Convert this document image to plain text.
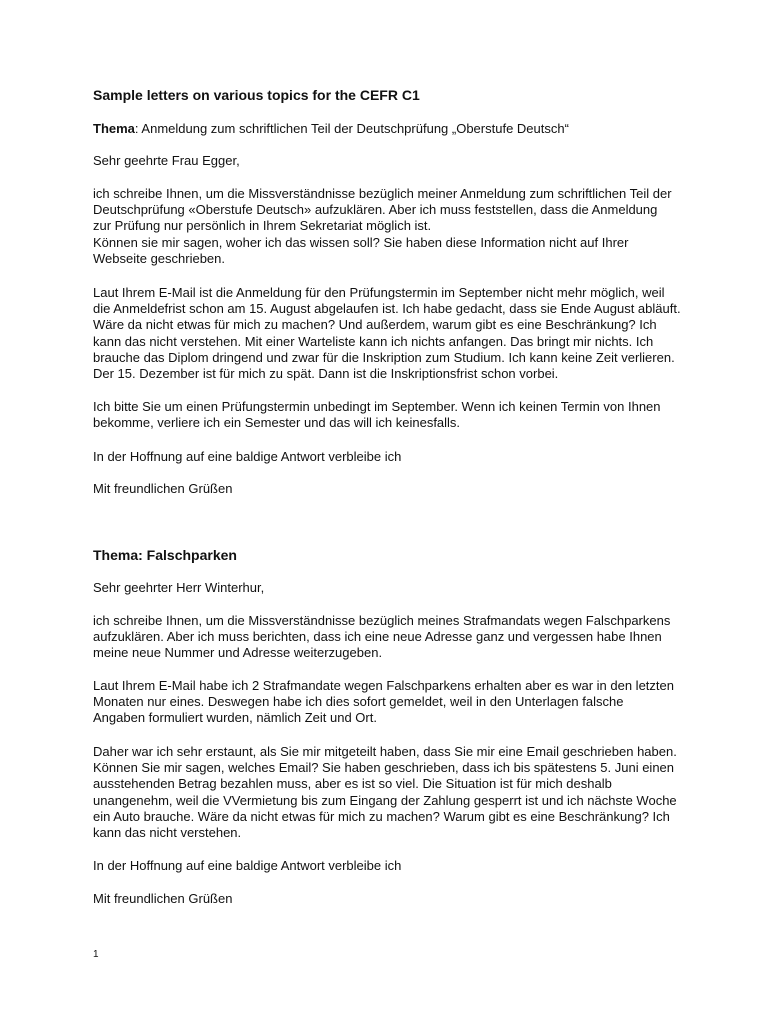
Sample letters on various topics for the CEFR C1

Thema: Anmeldung zum schriftlichen Teil der Deutschprüfung „Oberstufe Deutsch“

Sehr geehrte Frau Egger,

ich schreibe Ihnen, um die Missverständnisse bezüglich meiner Anmeldung zum schriftlichen Teil der
Deutschprüfung «Oberstufe Deutsch» aufzuklären. Aber ich muss feststellen, dass die Anmeldung
zur Prüfung nur persönlich in Ihrem Sekretariat möglich ist.
Können sie mir sagen, woher ich das wissen soll? Sie haben diese Information nicht auf Ihrer
Webseite geschrieben.

Laut Ihrem E-Mail ist die Anmeldung für den Prüfungstermin im September nicht mehr möglich, weil
die Anmeldefrist schon am 15. August abgelaufen ist. Ich habe gedacht, dass sie Ende August abläuft.
Wäre da nicht etwas für mich zu machen? Und außerdem, warum gibt es eine Beschränkung? Ich
kann das nicht verstehen. Mit einer Warteliste kann ich nichts anfangen. Das bringt mir nichts. Ich
brauche das Diplom dringend und zwar für die Inskription zum Studium. Ich kann keine Zeit verlieren.
Der 15. Dezember ist für mich zu spät. Dann ist die Inskriptionsfrist schon vorbei.

Ich bitte Sie um einen Prüfungstermin unbedingt im September. Wenn ich keinen Termin von Ihnen
bekomme, verliere ich ein Semester und das will ich keinesfalls.

In der Hoffnung auf eine baldige Antwort verbleibe ich

Mit freundlichen Grüßen

Thema: Falschparken

Sehr geehrter Herr Winterhur,

ich schreibe Ihnen, um die Missverständnisse bezüglich meines Strafmandats wegen Falschparkens
aufzuklären. Aber ich muss berichten, dass ich eine neue Adresse ganz und vergessen habe Ihnen
meine neue Nummer und Adresse weiterzugeben.

Laut Ihrem E-Mail habe ich 2 Strafmandate wegen Falschparkens erhalten aber es war in den letzten
Monaten nur eines. Deswegen habe ich dies sofort gemeldet, weil in den Unterlagen falsche
Angaben formuliert wurden, nämlich Zeit und Ort.

Daher war ich sehr erstaunt, als Sie mir mitgeteilt haben, dass Sie mir eine Email geschrieben haben.
Können Sie mir sagen, welches Email? Sie haben geschrieben, dass ich bis spätestens 5. Juni einen
ausstehenden Betrag bezahlen muss, aber es ist so viel. Die Situation ist für mich deshalb
unangenehm, weil die VVermietung bis zum Eingang der Zahlung gesperrt ist und ich nächste Woche
ein Auto brauche. Wäre da nicht etwas für mich zu machen? Warum gibt es eine Beschränkung? Ich
kann das nicht verstehen.

In der Hoffnung auf eine baldige Antwort verbleibe ich

Mit freundlichen Grüßen

1
